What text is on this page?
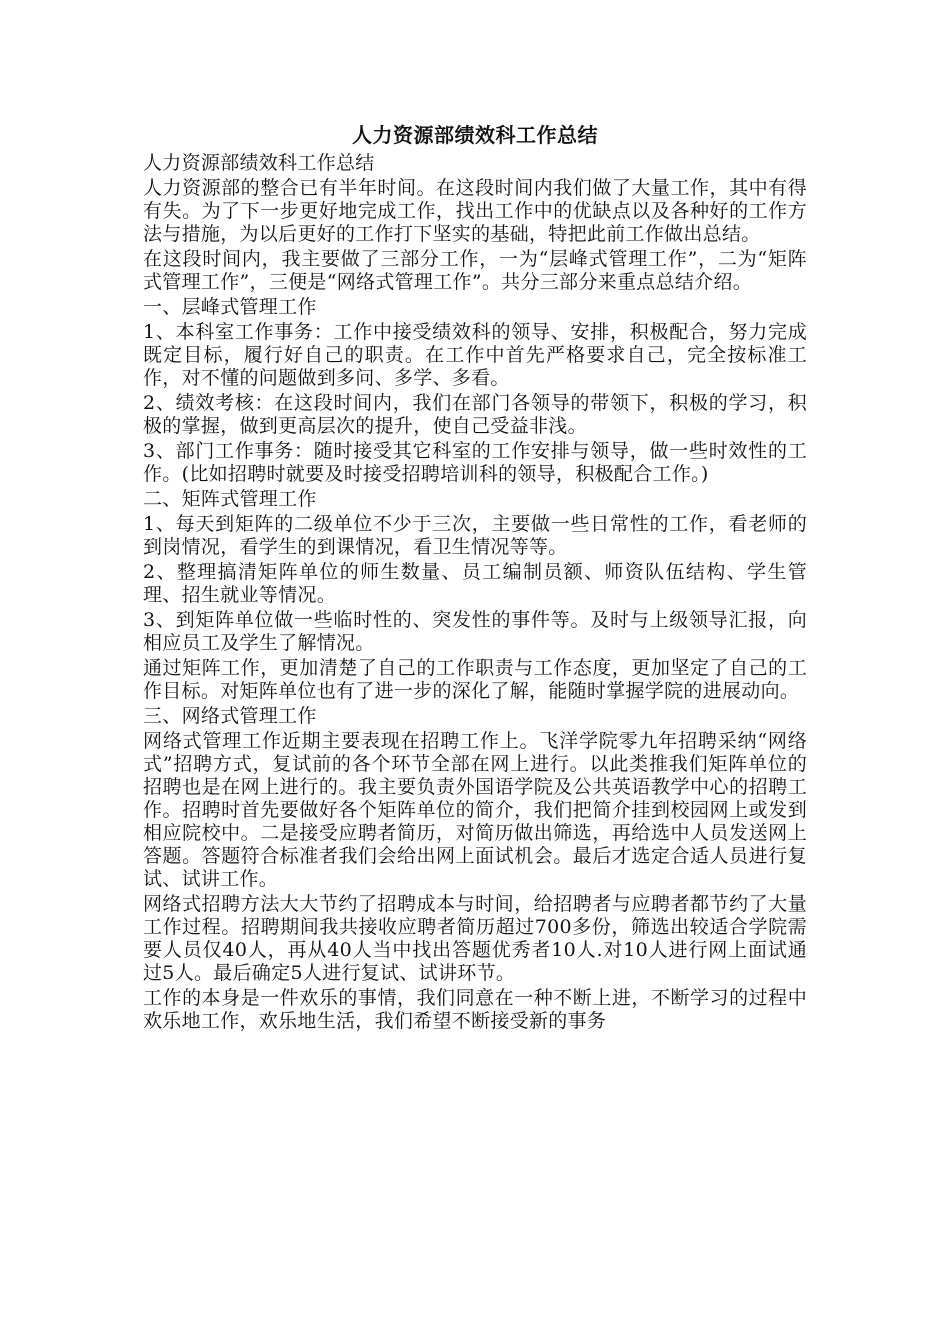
人力资源部绩效科工作总结

人力资源部绩效科工作总结

人力资源部的整合已有半年时间。在这段时间内我们做了大量工作，其中有得有失。为了下一步更好地完成工作，找出工作中的优缺点以及各种好的工作方法与措施，为以后更好的工作打下坚实的基础，特把此前工作做出总结。

在这段时间内，我主要做了三部分工作，一为“层峰式管理工作”，二为“矩阵式管理工作”，三便是“网络式管理工作”。共分三部分来重点总结介绍。

一、层峰式管理工作

1、本科室工作事务：工作中接受绩效科的领导、安排，积极配合，努力完成既定目标，履行好自己的职责。在工作中首先严格要求自己，完全按标准工作，对不懂的问题做到多问、多学、多看。

2、绩效考核：在这段时间内，我们在部门各领导的带领下，积极的学习，积极的掌握，做到更高层次的提升，使自己受益非浅。

3、部门工作事务：随时接受其它科室的工作安排与领导，做一些时效性的工作。(比如招聘时就要及时接受招聘培训科的领导，积极配合工作。)

二、矩阵式管理工作

1、每天到矩阵的二级单位不少于三次，主要做一些日常性的工作，看老师的到岗情况，看学生的到课情况，看卫生情况等等。

2、整理搞清矩阵单位的师生数量、员工编制员额、师资队伍结构、学生管理、招生就业等情况。

3、到矩阵单位做一些临时性的、突发性的事件等。及时与上级领导汇报，向相应员工及学生了解情况。

通过矩阵工作，更加清楚了自己的工作职责与工作态度，更加坚定了自己的工作目标。对矩阵单位也有了进一步的深化了解，能随时掌握学院的进展动向。

三、网络式管理工作

网络式管理工作近期主要表现在招聘工作上。飞洋学院零九年招聘采纳“网络式”招聘方式，复试前的各个环节全部在网上进行。以此类推我们矩阵单位的招聘也是在网上进行的。我主要负责外国语学院及公共英语教学中心的招聘工作。招聘时首先要做好各个矩阵单位的简介，我们把简介挂到校园网上或发到相应院校中。二是接受应聘者简历，对简历做出筛选，再给选中人员发送网上答题。答题符合标准者我们会给出网上面试机会。最后才选定合适人员进行复试、试讲工作。

网络式招聘方法大大节约了招聘成本与时间，给招聘者与应聘者都节约了大量工作过程。招聘期间我共接收应聘者简历超过700多份，筛选出较适合学院需要人员仅40人，再从40人当中找出答题优秀者10人.对10人进行网上面试通过5人。最后确定5人进行复试、试讲环节。

工作的本身是一件欢乐的事情，我们同意在一种不断上进，不断学习的过程中欢乐地工作，欢乐地生活，我们希望不断接受新的事务
